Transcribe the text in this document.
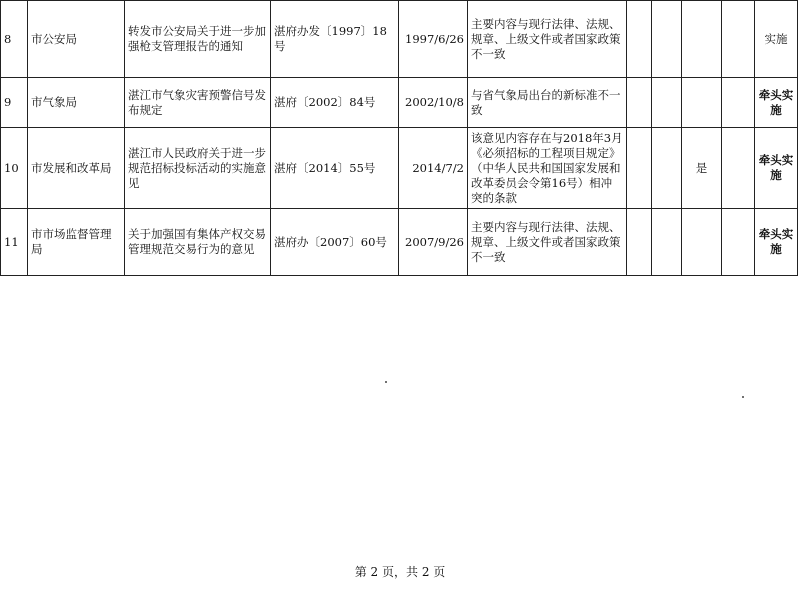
8	市公安局	转发市公安局关于进一步加强枪支管理报告的通知	湛府办发〔1997〕18号	1997/6/26	主要内容与现行法律、法规、规章、上级文件或者国家政策不一致					实施
9	市气象局	湛江市气象灾害预警信号发布规定	湛府〔2002〕84号	2002/10/8	与省气象局出台的新标准不一致					牵头实施
10	市发展和改革局	湛江市人民政府关于进一步规范招标投标活动的实施意见	湛府〔2014〕55号	2014/7/2	该意见内容存在与2018年3月《必须招标的工程项目规定》（中华人民共和国国家发展和改革委员会令第16号）相冲突的条款			是		牵头实施
11	市市场监督管理局	关于加强国有集体产权交易管理规范交易行为的意见	湛府办〔2007〕60号	2007/9/26	主要内容与现行法律、法规、规章、上级文件或者国家政策不一致					牵头实施
第 2 页，共 2 页
